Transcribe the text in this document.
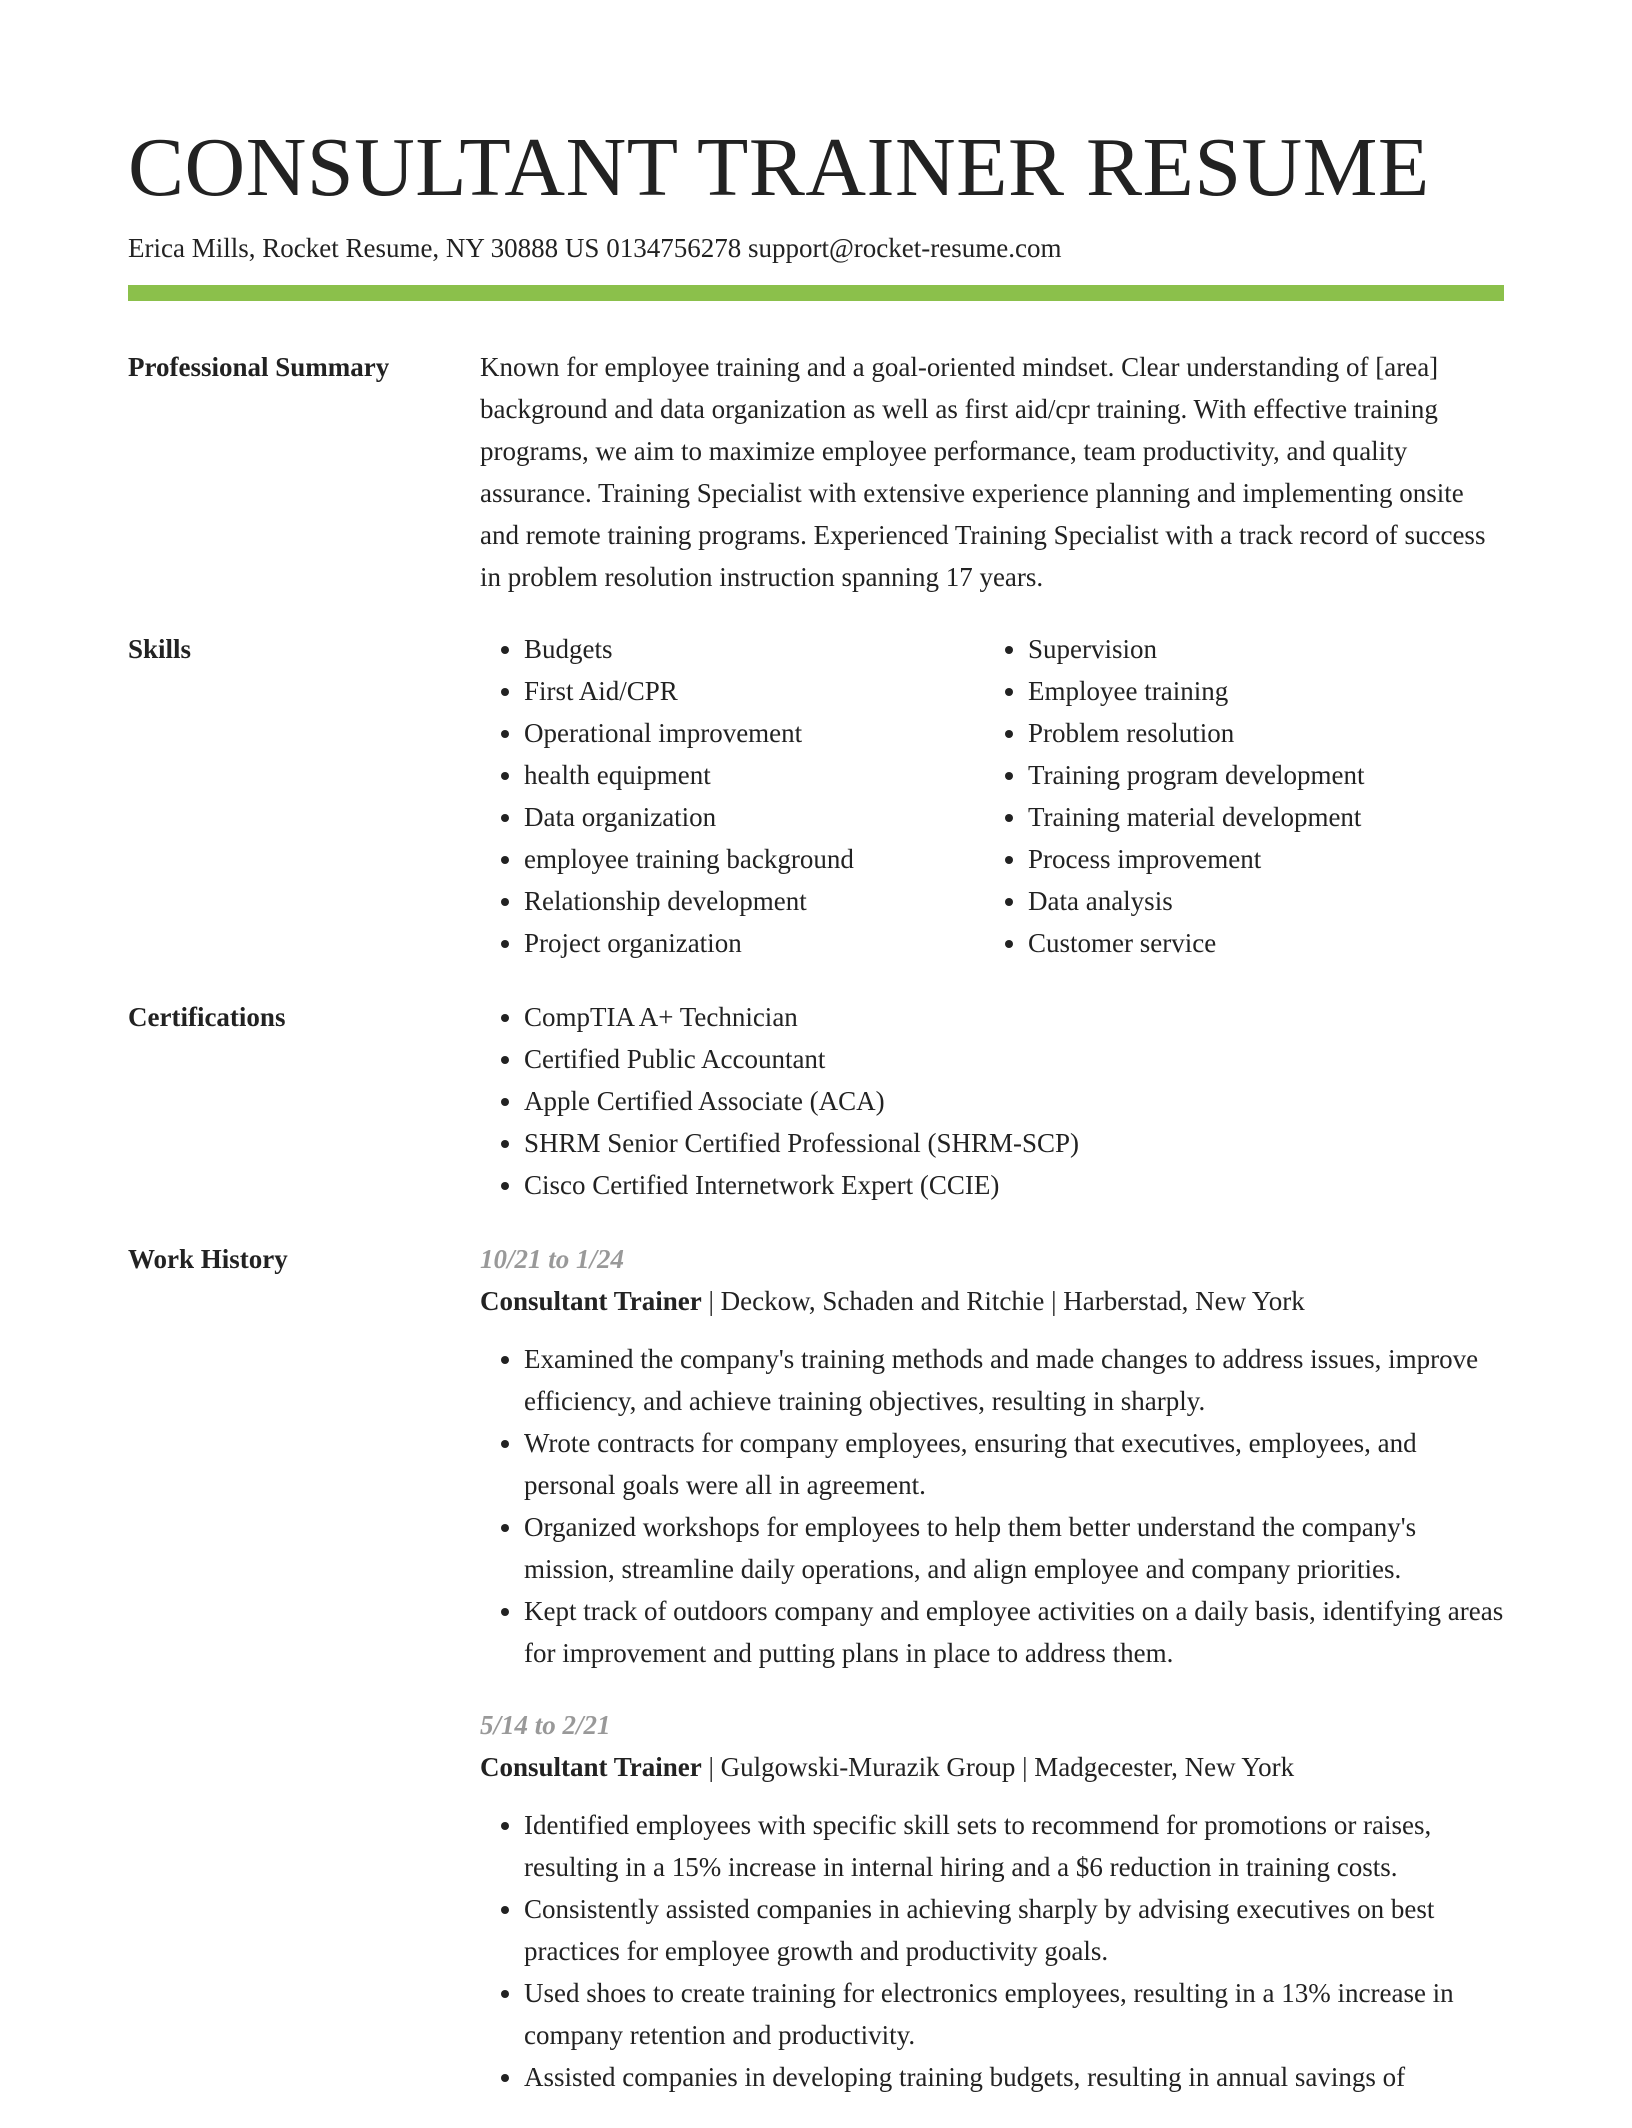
CONSULTANT TRAINER RESUME
Erica Mills, Rocket Resume, NY 30888 US 0134756278 support@rocket-resume.com
Professional Summary	Known for employee training and a goal-oriented mindset. Clear understanding of [area] background and data organization as well as first aid/cpr training. With effective training programs, we aim to maximize employee performance, team productivity, and quality assurance. Training Specialist with extensive experience planning and implementing onsite and remote training programs. Experienced Training Specialist with a track record of success in problem resolution instruction spanning 17 years.

Skills	• Budgets
• First Aid/CPR
• Operational improvement
• health equipment
• Data organization
• employee training background
• Relationship development
• Project organization
• Supervision
• Employee training
• Problem resolution
• Training program development
• Training material development
• Process improvement
• Data analysis
• Customer service
Certifications	• CompTIA A+ Technician
• Certified Public Accountant
• Apple Certified Associate (ACA)
• SHRM Senior Certified Professional (SHRM-SCP)
• Cisco Certified Internetwork Expert (CCIE)
Work History	10/21 to 1/24
Consultant Trainer | Deckow, Schaden and Ritchie | Harberstad, New York
• Examined the company's training methods and made changes to address issues, improve efficiency, and achieve training objectives, resulting in sharply.
• Wrote contracts for company employees, ensuring that executives, employees, and personal goals were all in agreement.
• Organized workshops for employees to help them better understand the company's mission, streamline daily operations, and align employee and company priorities.
• Kept track of outdoors company and employee activities on a daily basis, identifying areas for improvement and putting plans in place to address them.
5/14 to 2/21
Consultant Trainer | Gulgowski-Murazik Group | Madgecester, New York
• Identified employees with specific skill sets to recommend for promotions or raises, resulting in a 15% increase in internal hiring and a $6 reduction in training costs.
• Consistently assisted companies in achieving sharply by advising executives on best practices for employee growth and productivity goals.
• Used shoes to create training for electronics employees, resulting in a 13% increase in company retention and productivity.
• Assisted companies in developing training budgets, resulting in annual savings of
